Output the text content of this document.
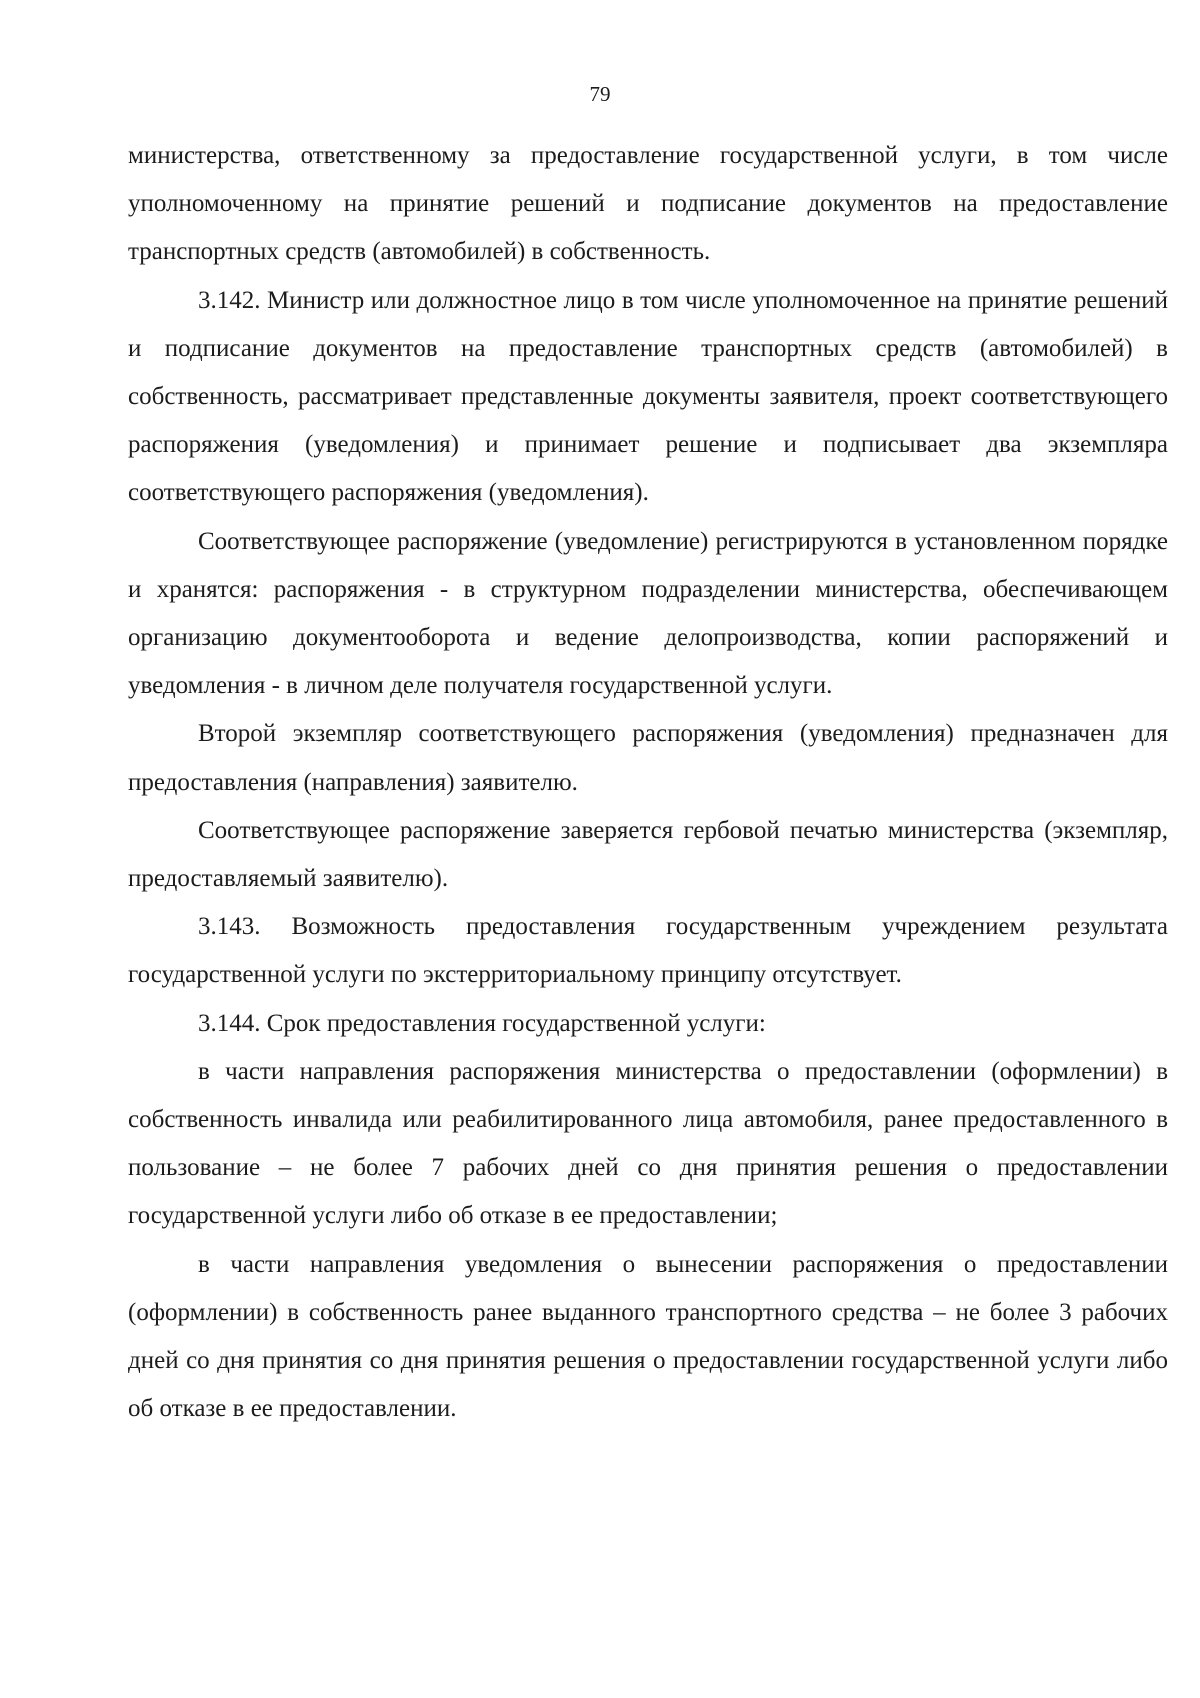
79

министерства, ответственному за предоставление государственной услуги, в том числе уполномоченному на принятие решений и подписание документов на предоставление транспортных средств (автомобилей) в собственность.

3.142. Министр или должностное лицо в том числе уполномоченное на принятие решений и подписание документов на предоставление транспортных средств (автомобилей) в собственность, рассматривает представленные документы заявителя, проект соответствующего распоряжения (уведомления) и принимает решение и подписывает два экземпляра соответствующего распоряжения (уведомления).

Соответствующее распоряжение (уведомление) регистрируются в установленном порядке и хранятся: распоряжения - в структурном подразделении министерства, обеспечивающем организацию документооборота и ведение делопроизводства, копии распоряжений и уведомления - в личном деле получателя государственной услуги.

Второй экземпляр соответствующего распоряжения (уведомления) предназначен для предоставления (направления) заявителю.

Соответствующее распоряжение заверяется гербовой печатью министерства (экземпляр, предоставляемый заявителю).

3.143. Возможность предоставления государственным учреждением результата государственной услуги по экстерриториальному принципу отсутствует.

3.144. Срок предоставления государственной услуги:

в части направления распоряжения министерства о предоставлении (оформлении) в собственность инвалида или реабилитированного лица автомобиля, ранее предоставленного в пользование – не более 7 рабочих дней со дня принятия решения о предоставлении государственной услуги либо об отказе в ее предоставлении;

в части направления уведомления о вынесении распоряжения о предоставлении (оформлении) в собственность ранее выданного транспортного средства – не более 3 рабочих дней со дня принятия со дня принятия решения о предоставлении государственной услуги либо об отказе в ее предоставлении.
